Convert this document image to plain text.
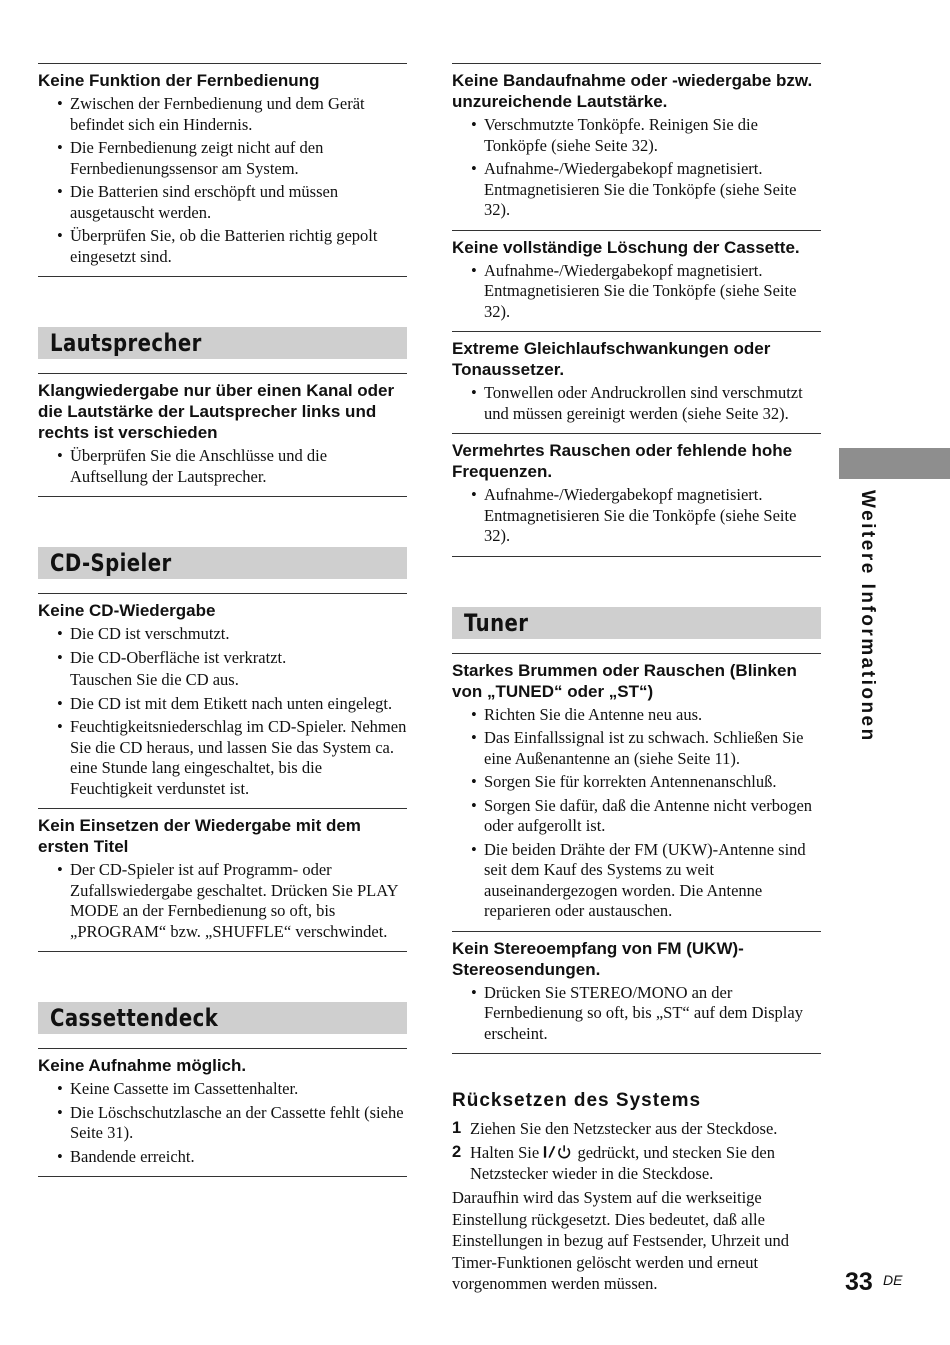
Weitere Informationen
Keine Funktion der Fernbedienung
• Zwischen der Fernbedienung und dem Gerät befindet sich ein Hindernis.
• Die Fernbedienung zeigt nicht auf den Fernbedienungssensor am System.
• Die Batterien sind erschöpft und müssen ausgetauscht werden.
• Überprüfen Sie, ob die Batterien richtig gepolt eingesetzt sind.
Lautsprecher
Klangwiedergabe nur über einen Kanal oder die Lautstärke der Lautsprecher links und rechts ist verschieden
• Überprüfen Sie die Anschlüsse und die Auftsellung der Lautsprecher.
CD-Spieler
Keine CD-Wiedergabe
• Die CD ist verschmutzt.
• Die CD-Oberfläche ist verkratzt.
Tauschen Sie die CD aus.
• Die CD ist mit dem Etikett nach unten eingelegt.
• Feuchtigkeitsniederschlag im CD-Spieler. Nehmen Sie die CD heraus, und lassen Sie das System ca. eine Stunde lang eingeschaltet, bis die Feuchtigkeit verdunstet ist.
Kein Einsetzen der Wiedergabe mit dem ersten Titel
• Der CD-Spieler ist auf Programm- oder Zufallswiedergabe geschaltet. Drücken Sie PLAY MODE an der Fernbedienung so oft, bis „PROGRAM“ bzw. „SHUFFLE“ verschwindet.
Cassettendeck
Keine Aufnahme möglich.
• Keine Cassette im Cassettenhalter.
• Die Löschschutzlasche an der Cassette fehlt (siehe Seite 31).
• Bandende erreicht.
Keine Bandaufnahme oder -wiedergabe bzw. unzureichende Lautstärke.
• Verschmutzte Tonköpfe. Reinigen Sie die Tonköpfe (siehe Seite 32).
• Aufnahme-/Wiedergabekopf magnetisiert. Entmagnetisieren Sie die Tonköpfe (siehe Seite 32).
Keine vollständige Löschung der Cassette.
• Aufnahme-/Wiedergabekopf magnetisiert. Entmagnetisieren Sie die Tonköpfe (siehe Seite 32).
Extreme Gleichlaufschwankungen oder Tonaussetzer.
• Tonwellen oder Andruckrollen sind verschmutzt und müssen gereinigt werden (siehe Seite 32).
Vermehrtes Rauschen oder fehlende hohe Frequenzen.
• Aufnahme-/Wiedergabekopf magnetisiert. Entmagnetisieren Sie die Tonköpfe (siehe Seite 32).
Tuner
Starkes Brummen oder Rauschen (Blinken von „TUNED“ oder „ST“)
• Richten Sie die Antenne neu aus.
• Das Einfallssignal ist zu schwach. Schließen Sie eine Außenantenne an (siehe Seite 11).
• Sorgen Sie für korrekten Antennenanschluß.
• Sorgen Sie dafür, daß die Antenne nicht verbogen oder aufgerollt ist.
• Die beiden Drähte der FM (UKW)-Antenne sind seit dem Kauf des Systems zu weit auseinandergezogen worden. Die Antenne reparieren oder austauschen.
Kein Stereoempfang von FM (UKW)-Stereosendungen.
• Drücken Sie STEREO/MONO an der Fernbedienung so oft, bis „ST“ auf dem Display erscheint.
Rücksetzen des Systems
1 Ziehen Sie den Netzstecker aus der Steckdose.
2 Halten Sie gedrückt, und stecken Sie den Netzstecker wieder in die Steckdose.
Daraufhin wird das System auf die werkseitige Einstellung rückgesetzt. Dies bedeutet, daß alle Einstellungen in bezug auf Festsender, Uhrzeit und Timer-Funktionen gelöscht werden und erneut vorgenommen werden müssen.	33 DE
